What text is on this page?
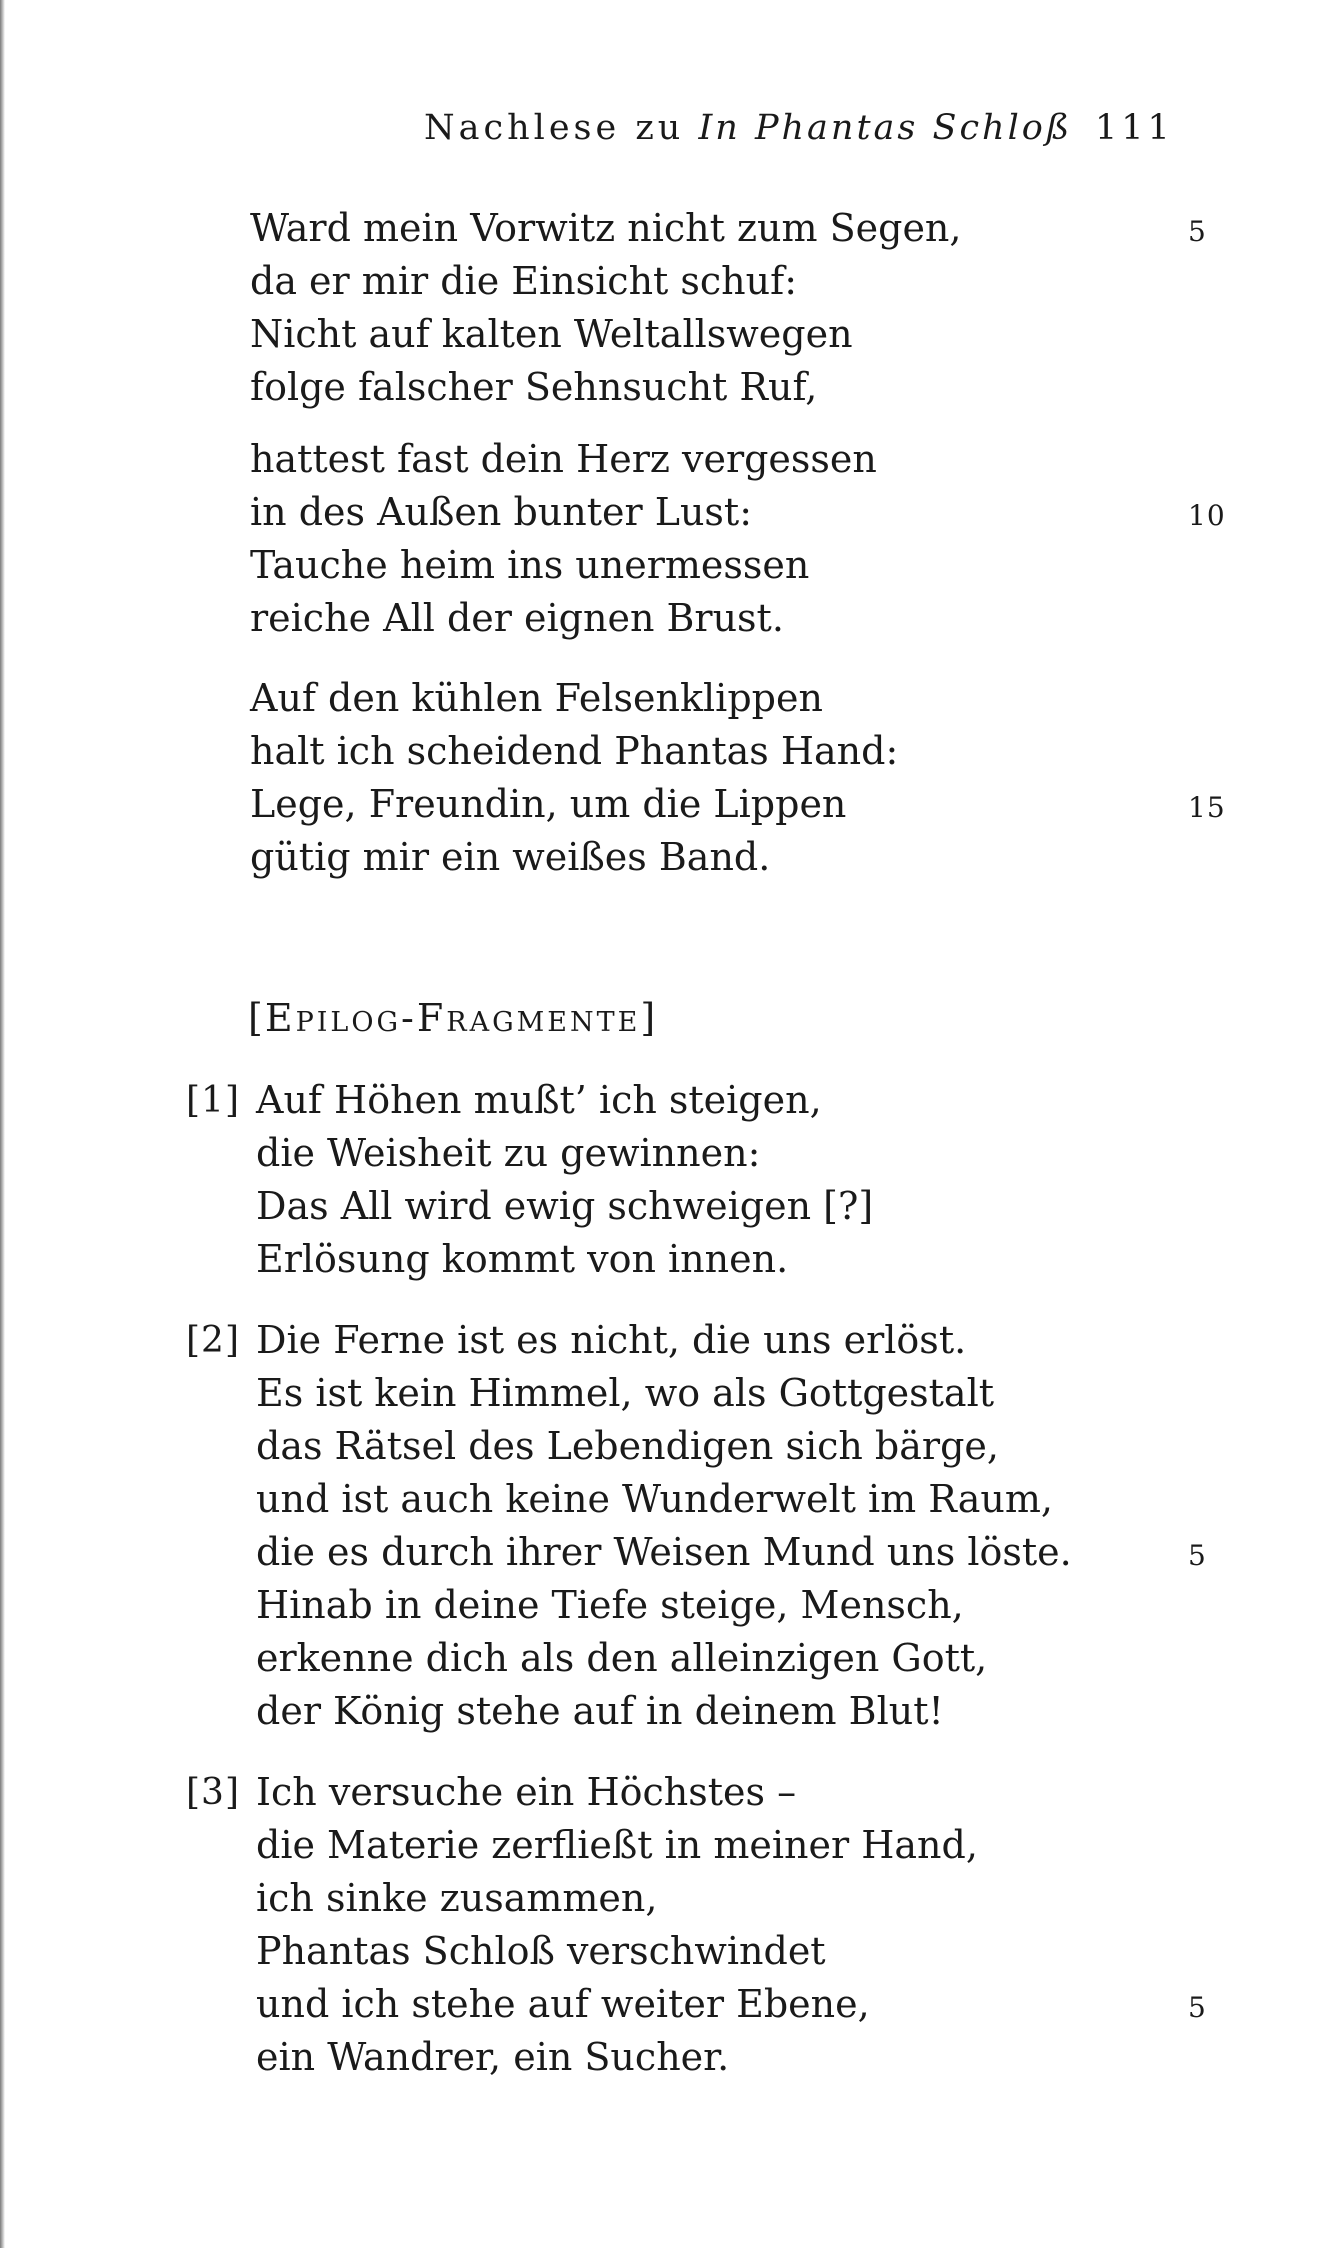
Nachlese zu In Phantas Schloß 111
Ward mein Vorwitz nicht zum Segen,	5
da er mir die Einsicht schuf:
Nicht auf kalten Weltallswegen
folge falscher Sehnsucht Ruf,
hattest fast dein Herz vergessen
in des Außen bunter Lust:	10
Tauche heim ins unermessen
reiche All der eignen Brust.
Auf den kühlen Felsenklippen
halt ich scheidend Phantas Hand:
Lege, Freundin, um die Lippen	15
gütig mir ein weißes Band.
[Epilog-Fragmente]
[1] Auf Höhen mußt’ ich steigen,
die Weisheit zu gewinnen:
Das All wird ewig schweigen [?]
Erlösung kommt von innen.
[2] Die Ferne ist es nicht, die uns erlöst.
Es ist kein Himmel, wo als Gottgestalt
das Rätsel des Lebendigen sich bärge,
und ist auch keine Wunderwelt im Raum,
die es durch ihrer Weisen Mund uns löste.	5
Hinab in deine Tiefe steige, Mensch,
erkenne dich als den alleinzigen Gott,
der König stehe auf in deinem Blut!
[3] Ich versuche ein Höchstes –
die Materie zerfließt in meiner Hand,
ich sinke zusammen,
Phantas Schloß verschwindet
und ich stehe auf weiter Ebene,	5
ein Wandrer, ein Sucher.
